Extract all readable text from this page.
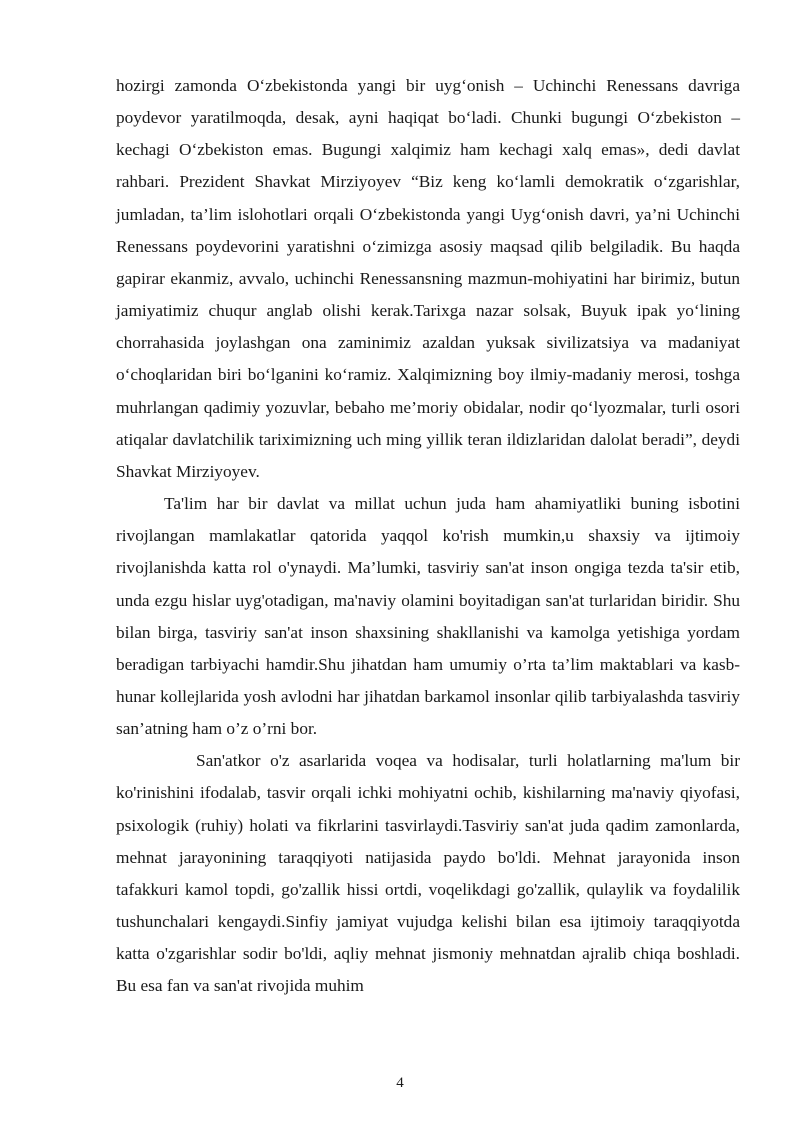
hozirgi zamonda O‘zbekistonda yangi bir uyg‘onish – Uchinchi Renessans davriga poydevor yaratilmoqda, desak, ayni haqiqat bo‘ladi. Chunki bugungi O‘zbekiston – kechagi O‘zbekiston emas. Bugungi xalqimiz ham kechagi xalq emas», dedi davlat rahbari. Prezident Shavkat Mirziyoyev “Biz keng ko‘lamli demokratik o‘zgarishlar, jumladan, ta’lim islohotlari orqali O‘zbekistonda yangi Uyg‘onish davri, ya’ni Uchinchi Renessans poydevorini yaratishni o‘zimizga asosiy maqsad qilib belgiladik. Bu haqda gapirar ekanmiz, avvalo, uchinchi Renessansning mazmun-mohiyatini har birimiz, butun jamiyatimiz chuqur anglab olishi kerak.Tarixga nazar solsak, Buyuk ipak yo‘lining chorrahasida joylashgan ona zaminimiz azaldan yuksak sivilizatsiya va madaniyat o‘choqlaridan biri bo‘lganini ko‘ramiz. Xalqimizning boy ilmiy-madaniy merosi, toshga muhrlangan qadimiy yozuvlar, bebaho me’moriy obidalar, nodir qo‘lyozmalar, turli osori atiqalar davlatchilik tariximizning uch ming yillik teran ildizlaridan dalolat beradi”, deydi Shavkat Mirziyoyev.

Ta'lim har bir davlat va millat uchun juda ham ahamiyatliki buning isbotini rivojlangan mamlakatlar qatorida yaqqol ko'rish mumkin,u shaxsiy va ijtimoiy rivojlanishda katta rol o'ynaydi. Ma’lumki, tasviriy san'at inson ongiga tezda ta'sir etib, unda ezgu hislar uyg'otadigan, ma'naviy olamini boyitadigan san'at turlaridan biridir. Shu bilan birga, tasviriy san'at inson shaxsining shakllanishi va kamolga yetishiga yordam beradigan tarbiyachi hamdir.Shu jihatdan ham umumiy o’rta ta’lim maktablari va kasb-hunar kollejlarida yosh avlodni har jihatdan barkamol insonlar qilib tarbiyalashda tasviriy san’atning ham o’z o’rni bor.

San'atkor o'z asarlarida voqea va hodisalar, turli holatlarning ma'lum bir ko'rinishini ifodalab, tasvir orqali ichki mohiyatni ochib, kishilarning ma'naviy qiyofasi, psixologik (ruhiy) holati va fikrlarini tasvirlaydi.Tasviriy san'at juda qadim zamonlarda, mehnat jarayonining taraqqiyoti natijasida paydo bo'ldi. Mehnat jarayonida inson tafakkuri kamol topdi, go'zallik hissi ortdi, voqelikdagi go'zallik, qulaylik va foydalilik tushunchalari kengaydi.Sinfiy jamiyat vujudga kelishi bilan esa ijtimoiy taraqqiyotda katta o'zgarishlar sodir bo'ldi, aqliy mehnat jismoniy mehnatdan ajralib chiqa boshladi. Bu esa fan va san'at rivojida muhim

4
